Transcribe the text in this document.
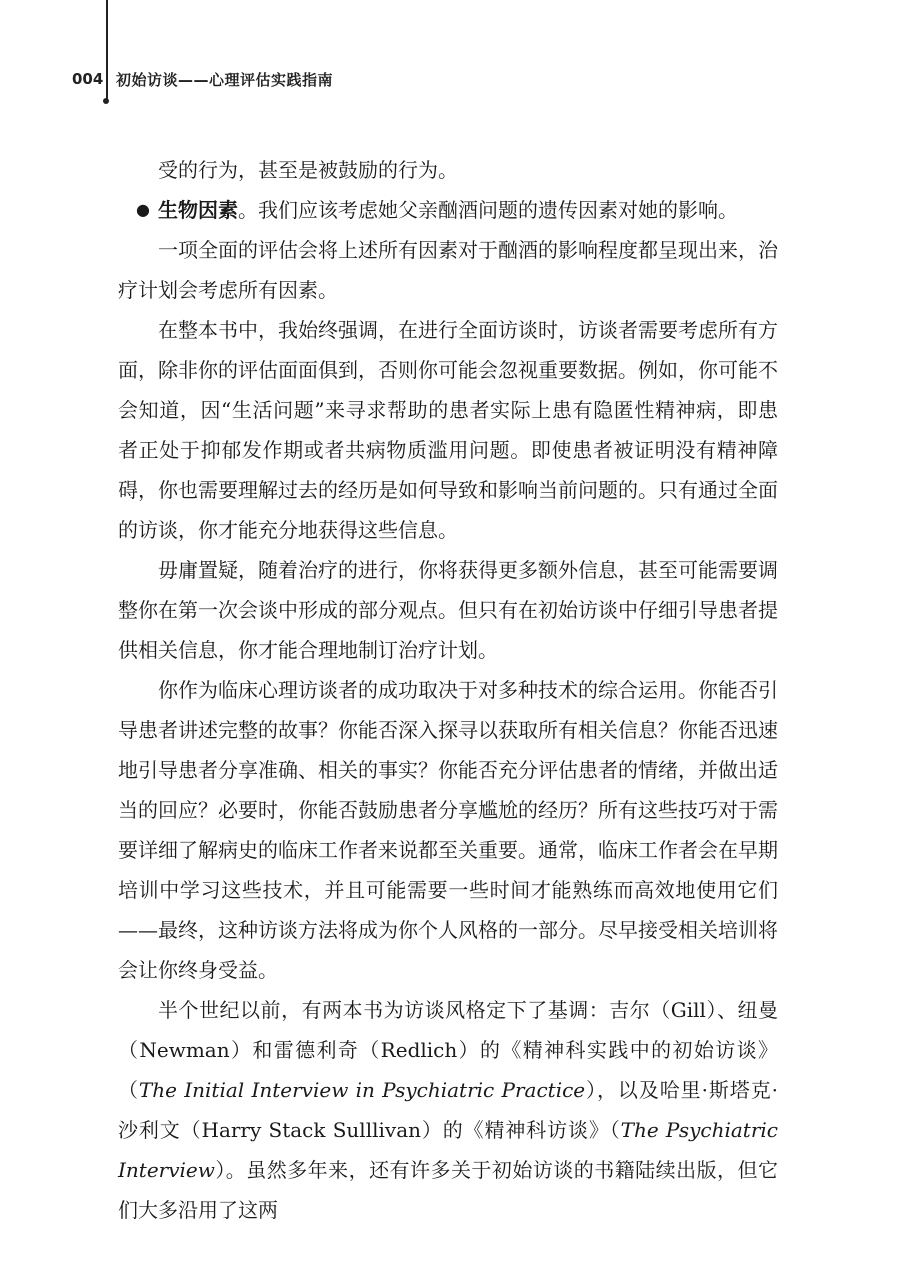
004 初始访谈——心理评估实践指南

受的行为，甚至是被鼓励的行为。

● 生物因素。我们应该考虑她父亲酗酒问题的遗传因素对她的影响。

一项全面的评估会将上述所有因素对于酗酒的影响程度都呈现出来，治疗计划会考虑所有因素。

在整本书中，我始终强调，在进行全面访谈时，访谈者需要考虑所有方面，除非你的评估面面俱到，否则你可能会忽视重要数据。例如，你可能不会知道，因“生活问题”来寻求帮助的患者实际上患有隐匿性精神病，即患者正处于抑郁发作期或者共病物质滥用问题。即使患者被证明没有精神障碍，你也需要理解过去的经历是如何导致和影响当前问题的。只有通过全面的访谈，你才能充分地获得这些信息。

毋庸置疑，随着治疗的进行，你将获得更多额外信息，甚至可能需要调整你在第一次会谈中形成的部分观点。但只有在初始访谈中仔细引导患者提供相关信息，你才能合理地制订治疗计划。

你作为临床心理访谈者的成功取决于对多种技术的综合运用。你能否引导患者讲述完整的故事？你能否深入探寻以获取所有相关信息？你能否迅速地引导患者分享准确、相关的事实？你能否充分评估患者的情绪，并做出适当的回应？必要时，你能否鼓励患者分享尴尬的经历？所有这些技巧对于需要详细了解病史的临床工作者来说都至关重要。通常，临床工作者会在早期培训中学习这些技术，并且可能需要一些时间才能熟练而高效地使用它们——最终，这种访谈方法将成为你个人风格的一部分。尽早接受相关培训将会让你终身受益。

半个世纪以前，有两本书为访谈风格定下了基调：吉尔（Gill）、纽曼（Newman）和雷德利奇（Redlich）的《精神科实践中的初始访谈》（The Initial Interview in Psychiatric Practice），以及哈里·斯塔克·沙利文（Harry Stack Sulllivan）的《精神科访谈》（The Psychiatric Interview）。虽然多年来，还有许多关于初始访谈的书籍陆续出版，但它们大多沿用了这两
